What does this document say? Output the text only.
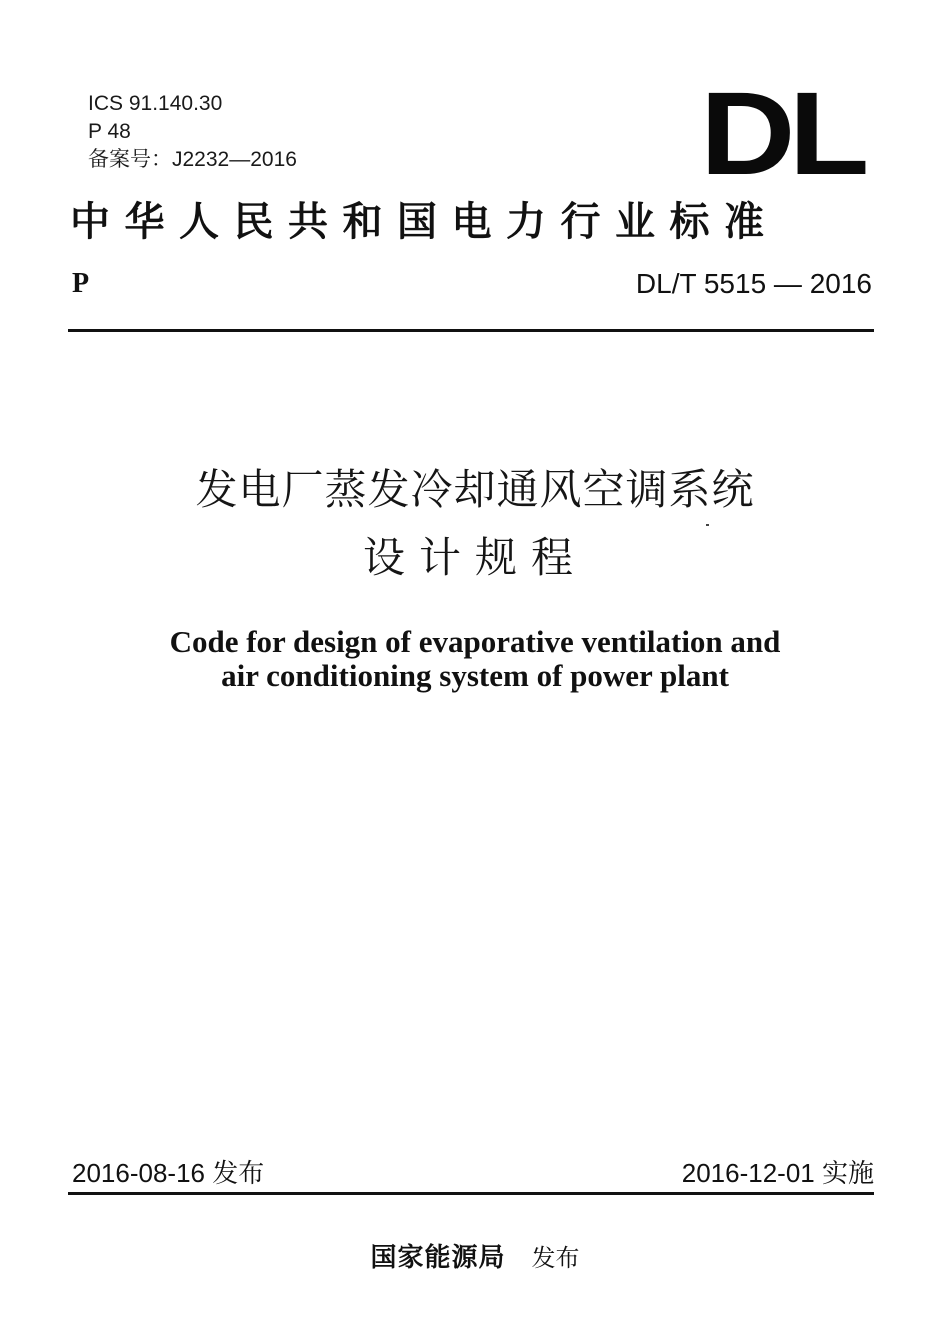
ICS 91.140.30
P 48
备案号：J2232—2016	DL
中华人民共和国电力行业标准
P	DL/T 5515 — 2016
发电厂蒸发冷却通风空调系统
设计规程
Code for design of evaporative ventilation and
air conditioning system of power plant
2016-08-16 发布	2016-12-01 实施
国家能源局 发布
